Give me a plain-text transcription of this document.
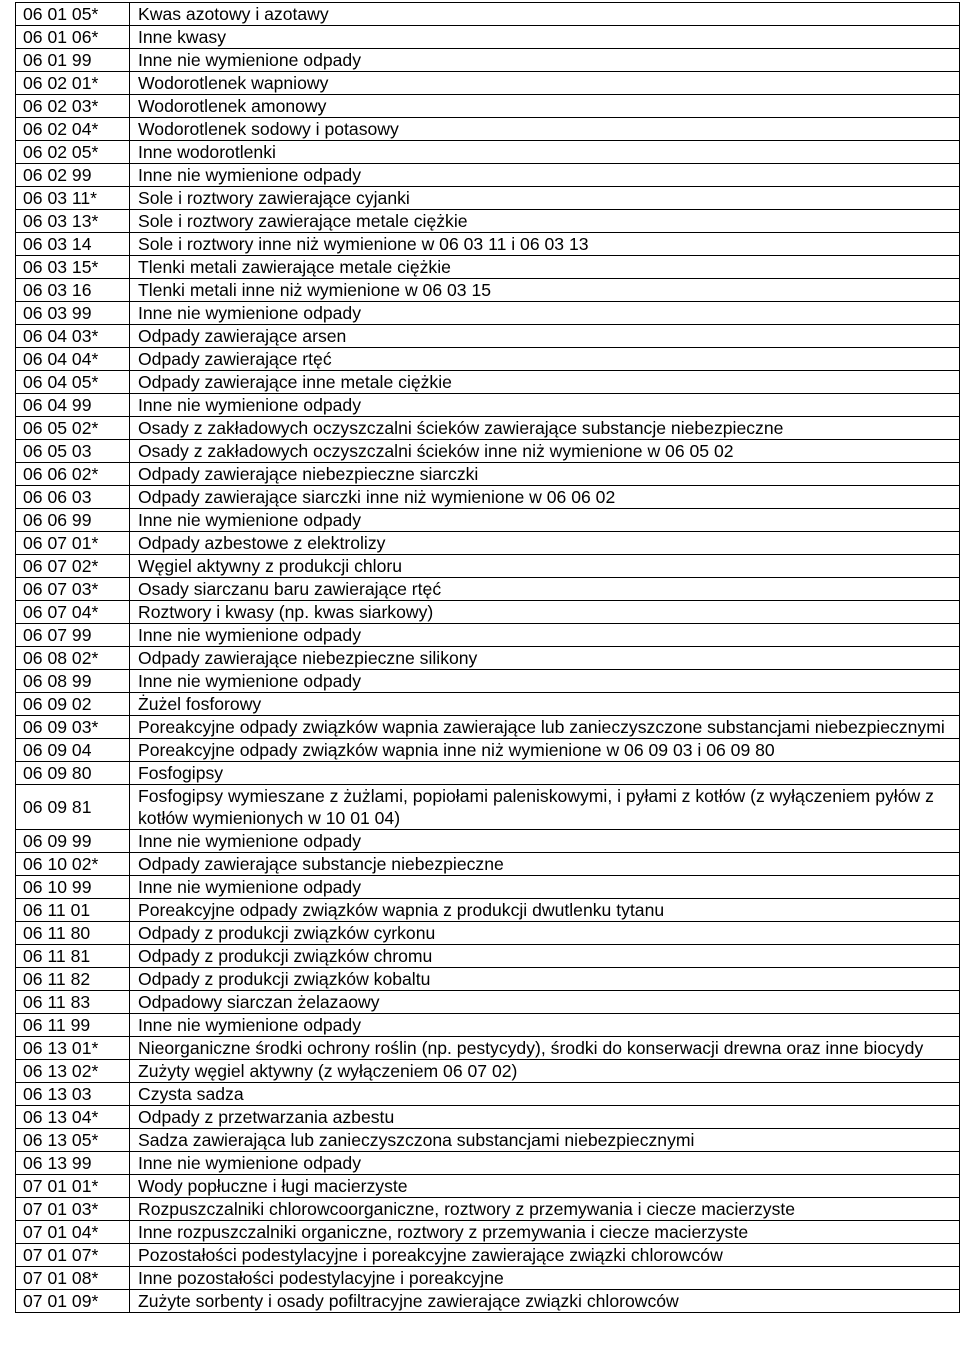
06 01 05*	Kwas azotowy i azotawy
06 01 06*	Inne kwasy
06 01 99	Inne nie wymienione odpady
06 02 01*	Wodorotlenek wapniowy
06 02 03*	Wodorotlenek amonowy
06 02 04*	Wodorotlenek sodowy i potasowy
06 02 05*	Inne wodorotlenki
06 02 99	Inne nie wymienione odpady
06 03 11*	Sole i roztwory zawierające cyjanki
06 03 13*	Sole i roztwory zawierające metale ciężkie
06 03 14	Sole i roztwory inne niż wymienione w 06 03 11 i 06 03 13
06 03 15*	Tlenki metali zawierające metale ciężkie
06 03 16	Tlenki metali inne niż wymienione w 06 03 15
06 03 99	Inne nie wymienione odpady
06 04 03*	Odpady zawierające arsen
06 04 04*	Odpady zawierające rtęć
06 04 05*	Odpady zawierające inne metale ciężkie
06 04 99	Inne nie wymienione odpady
06 05 02*	Osady z zakładowych oczyszczalni ścieków zawierające substancje niebezpieczne
06 05 03	Osady z zakładowych oczyszczalni ścieków inne niż wymienione w 06 05 02
06 06 02*	Odpady zawierające niebezpieczne siarczki
06 06 03	Odpady zawierające siarczki inne niż wymienione w 06 06 02
06 06 99	Inne nie wymienione odpady
06 07 01*	Odpady azbestowe z elektrolizy
06 07 02*	Węgiel aktywny z produkcji chloru
06 07 03*	Osady siarczanu baru zawierające rtęć
06 07 04*	Roztwory i kwasy (np. kwas siarkowy)
06 07 99	Inne nie wymienione odpady
06 08 02*	Odpady zawierające niebezpieczne silikony
06 08 99	Inne nie wymienione odpady
06 09 02	Żużel fosforowy
06 09 03*	Poreakcyjne odpady związków wapnia zawierające lub zanieczyszczone substancjami niebezpiecznymi
06 09 04	Poreakcyjne odpady związków wapnia inne niż wymienione w 06 09 03 i 06 09 80
06 09 80	Fosfogipsy
06 09 81	Fosfogipsy wymieszane z żużlami, popiołami paleniskowymi, i pyłami z kotłów (z wyłączeniem pyłów z kotłów wymienionych w 10 01 04)
06 09 99	Inne nie wymienione odpady
06 10 02*	Odpady zawierające substancje niebezpieczne
06 10 99	Inne nie wymienione odpady
06 11 01	Poreakcyjne odpady związków wapnia z produkcji dwutlenku tytanu
06 11 80	Odpady z produkcji związków cyrkonu
06 11 81	Odpady z produkcji związków chromu
06 11 82	Odpady z produkcji związków kobaltu
06 11 83	Odpadowy siarczan żelazaowy
06 11 99	Inne nie wymienione odpady
06 13 01*	Nieorganiczne środki ochrony roślin (np. pestycydy), środki do konserwacji drewna oraz inne biocydy
06 13 02*	Zużyty węgiel aktywny (z wyłączeniem 06 07 02)
06 13 03	Czysta sadza
06 13 04*	Odpady z przetwarzania azbestu
06 13 05*	Sadza zawierająca lub zanieczyszczona substancjami niebezpiecznymi
06 13 99	Inne nie wymienione odpady
07 01 01*	Wody popłuczne i ługi macierzyste
07 01 03*	Rozpuszczalniki chlorowcoorganiczne, roztwory z przemywania i ciecze macierzyste
07 01 04*	Inne rozpuszczalniki organiczne, roztwory z przemywania i ciecze macierzyste
07 01 07*	Pozostałości podestylacyjne i poreakcyjne zawierające związki chlorowców
07 01 08*	Inne pozostałości podestylacyjne i poreakcyjne
07 01 09*	Zużyte sorbenty i osady pofiltracyjne zawierające związki chlorowców
